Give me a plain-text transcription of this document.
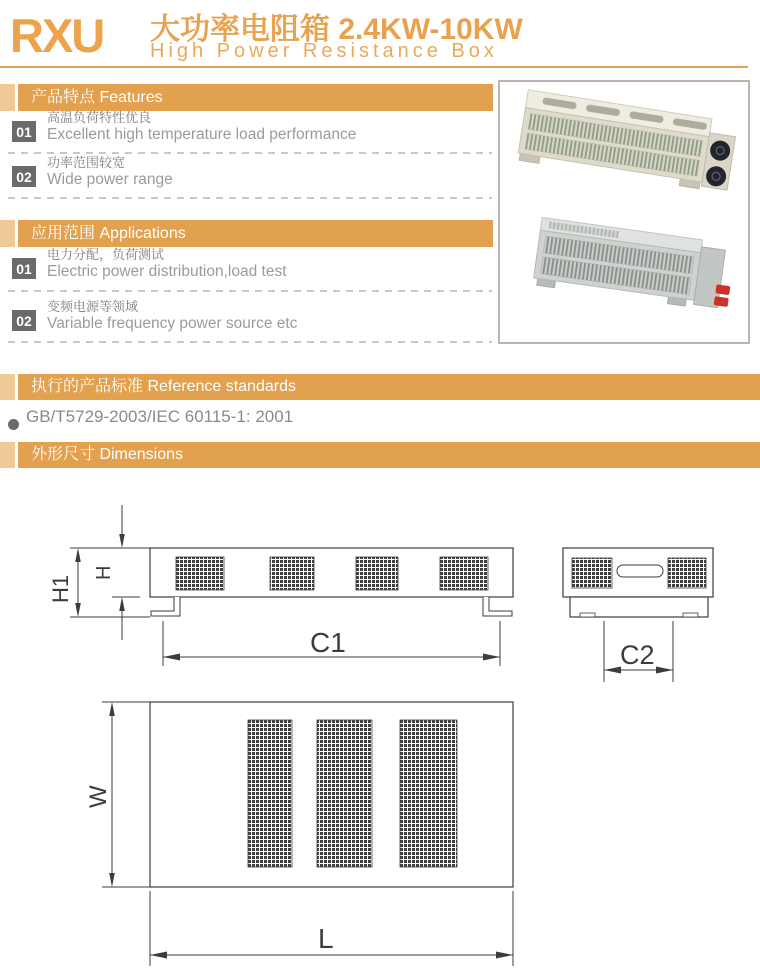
RXU 大功率电阻箱 2.4KW-10KW
High Power Resistance Box
产品特点 Features
01
高温负荷特性优良
Excellent high temperature load performance
02
功率范围较宽
Wide power range
应用范围 Applications
01
电力分配，负荷测试
Electric power distribution,load test
02
变频电源等领域
Variable frequency power source etc
执行的产品标准 Reference standards
GB/T5729-2003/IEC 60115-1: 2001
外形尺寸 Dimensions
H1
H
C1	C2
W
L
